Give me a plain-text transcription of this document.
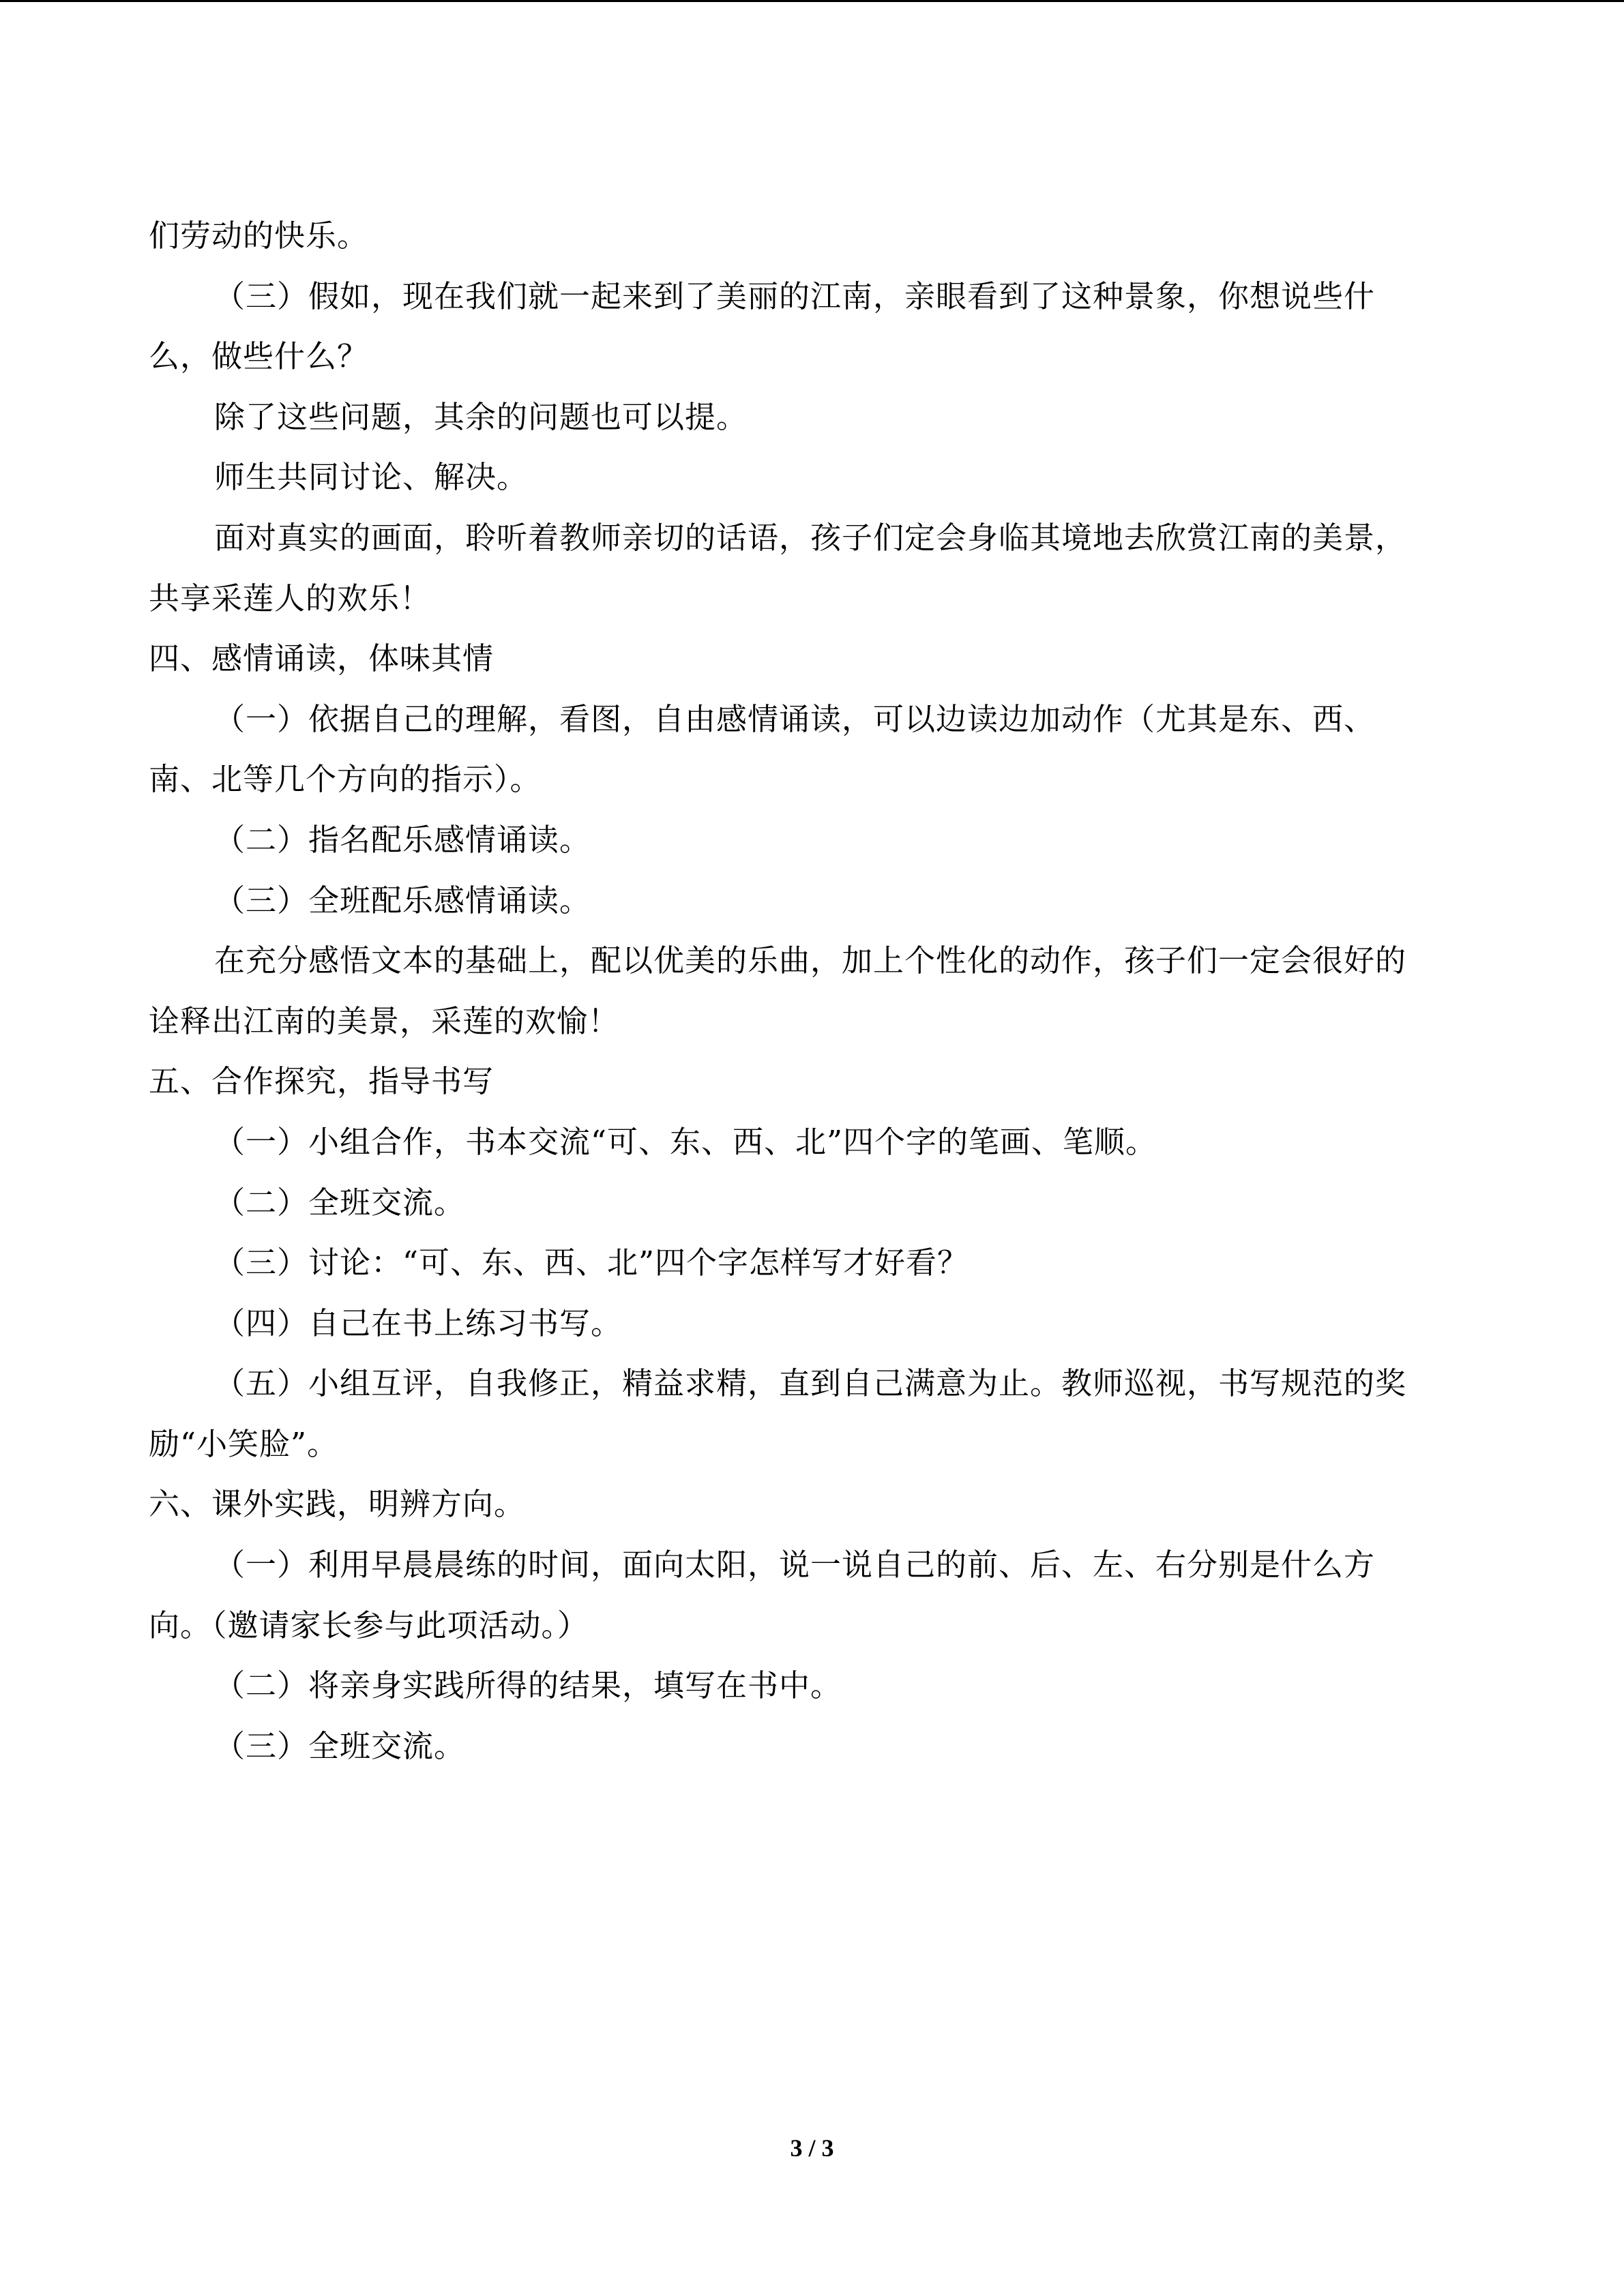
们劳动的快乐。
（三）假如，现在我们就一起来到了美丽的江南，亲眼看到了这种景象，你想说些什
么，做些什么？
除了这些问题，其余的问题也可以提。
师生共同讨论、解决。
面对真实的画面，聆听着教师亲切的话语，孩子们定会身临其境地去欣赏江南的美景，
共享采莲人的欢乐！
四、感情诵读，体味其情
（一）依据自己的理解，看图，自由感情诵读，可以边读边加动作（尤其是东、西、
南、北等几个方向的指示）。
（二）指名配乐感情诵读。
（三）全班配乐感情诵读。
在充分感悟文本的基础上，配以优美的乐曲，加上个性化的动作，孩子们一定会很好的
诠释出江南的美景，采莲的欢愉！
五、合作探究，指导书写
（一）小组合作，书本交流“可、东、西、北”四个字的笔画、笔顺。
（二）全班交流。
（三）讨论：“可、东、西、北”四个字怎样写才好看？
（四）自己在书上练习书写。
（五）小组互评，自我修正，精益求精，直到自己满意为止。教师巡视，书写规范的奖
励“小笑脸”。
六、课外实践，明辨方向。
（一）利用早晨晨练的时间，面向太阳，说一说自己的前、后、左、右分别是什么方
向。（邀请家长参与此项活动。）
（二）将亲身实践所得的结果，填写在书中。
（三）全班交流。
3 / 3
